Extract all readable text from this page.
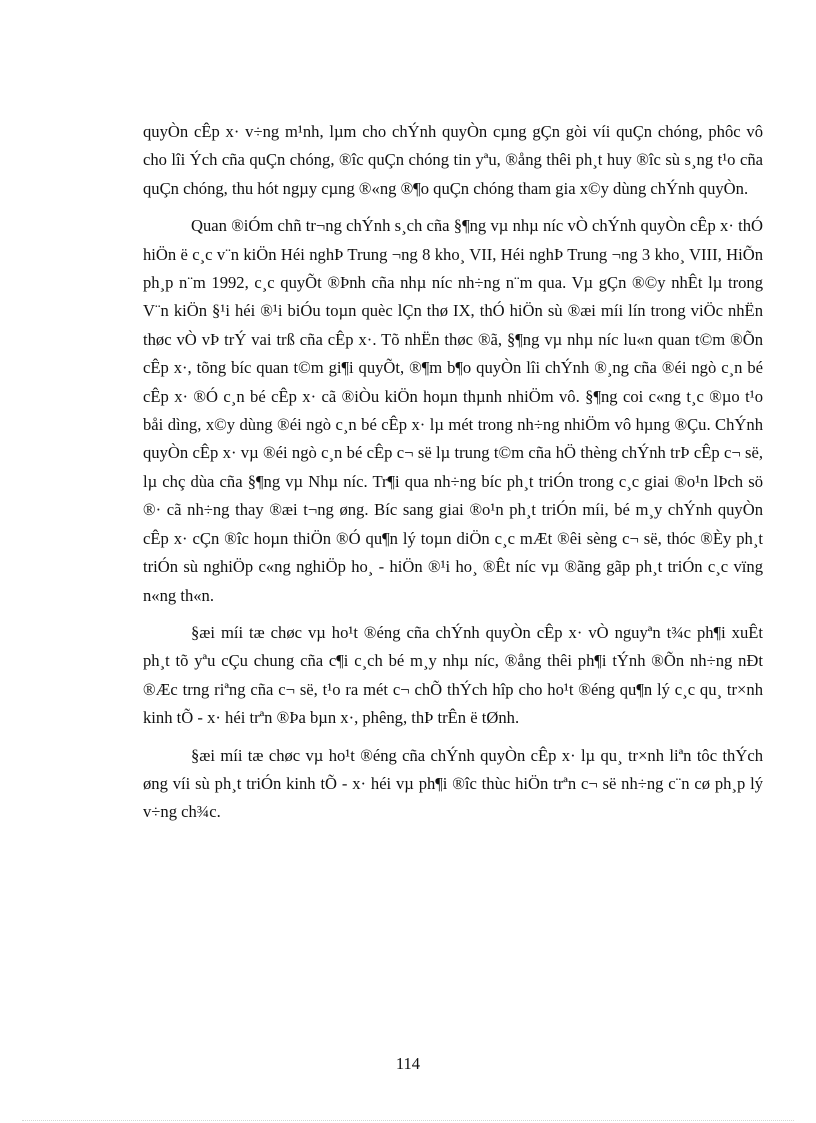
quyÒn cÊp x· v÷ng m¹nh, lµm cho chÝnh quyÒn cµng gÇn gòi víi quÇn chóng, phôc vô cho lîi Ých cña quÇn chóng, ®îc quÇn chóng tin yªu, ®ång thêi ph¸t huy ®îc sù s¸ng t¹o cña quÇn chóng, thu hót ngµy cµng ®«ng ®¶o quÇn chóng tham gia x©y dùng chÝnh quyÒn.

Quan ®iÓm chñ tr¬ng chÝnh s¸ch cña §¶ng vµ nhµ níc vÒ chÝnh quyÒn cÊp x· thÓ hiÖn ë c¸c v¨n kiÖn Héi nghÞ Trung ¬ng 8 kho¸ VII, Héi nghÞ Trung ¬ng 3 kho¸ VIII, HiÕn ph¸p n¨m 1992, c¸c quyÕt ®Þnh cña nhµ níc nh÷ng n¨m qua. Vµ gÇn ®©y nhÊt lµ trong V¨n kiÖn §¹i héi ®¹i biÓu toµn quèc lÇn thø IX, thÓ hiÖn sù ®æi míi lín trong viÖc nhËn thøc vÒ vÞ trÝ vai trß cña cÊp x·. Tõ nhËn thøc ®ã, §¶ng vµ nhµ níc lu«n quan t©m ®Õn cÊp x·, tõng bíc quan t©m gi¶i quyÕt, ®¶m b¶o quyÒn lîi chÝnh ®¸ng cña ®éi ngò c¸n bé cÊp x· ®Ó c¸n bé cÊp x· cã ®iÒu kiÖn hoµn thµnh nhiÖm vô. §¶ng coi c«ng t¸c ®µo t¹o båi dìng, x©y dùng ®éi ngò c¸n bé cÊp x· lµ mét trong nh÷ng nhiÖm vô hµng ®Çu. ChÝnh quyÒn cÊp x· vµ ®éi ngò c¸n bé cÊp c¬ së lµ trung t©m cña hÖ thèng chÝnh trÞ cÊp c¬ së, lµ chç dùa cña §¶ng vµ Nhµ níc. Tr¶i qua nh÷ng bíc ph¸t triÓn trong c¸c giai ®o¹n lÞch sö ®· cã nh÷ng thay ®æi t¬ng øng. Bíc sang giai ®o¹n ph¸t triÓn míi, bé m¸y chÝnh quyÒn cÊp x· cÇn ®îc hoµn thiÖn ®Ó qu¶n lý toµn diÖn c¸c mÆt ®êi sèng c¬ së, thóc ®Èy ph¸t triÓn sù nghiÖp c«ng nghiÖp ho¸ - hiÖn ®¹i ho¸ ®Êt níc vµ ®ãng gãp ph¸t triÓn c¸c vïng n«ng th«n.

§æi míi tæ chøc vµ ho¹t ®éng cña chÝnh quyÒn cÊp x· vÒ nguyªn t¾c ph¶i xuÊt ph¸t tõ yªu cÇu chung cña c¶i c¸ch bé m¸y nhµ níc, ®ång thêi ph¶i tÝnh ®Õn nh÷ng nÐt ®Æc trng riªng cña c¬ së, t¹o ra mét c¬ chÕ thÝch hîp cho ho¹t ®éng qu¶n lý c¸c qu¸ tr×nh kinh tÕ - x· héi trªn ®Þa bµn x·, phêng, thÞ trÊn ë tØnh.

§æi míi tæ chøc vµ ho¹t ®éng cña chÝnh quyÒn cÊp x· lµ qu¸ tr×nh liªn tôc thÝch øng víi sù ph¸t triÓn kinh tÕ - x· héi vµ ph¶i ®îc thùc hiÖn trªn c¬ së nh÷ng c¨n cø ph¸p lý v÷ng ch¾c.

114
